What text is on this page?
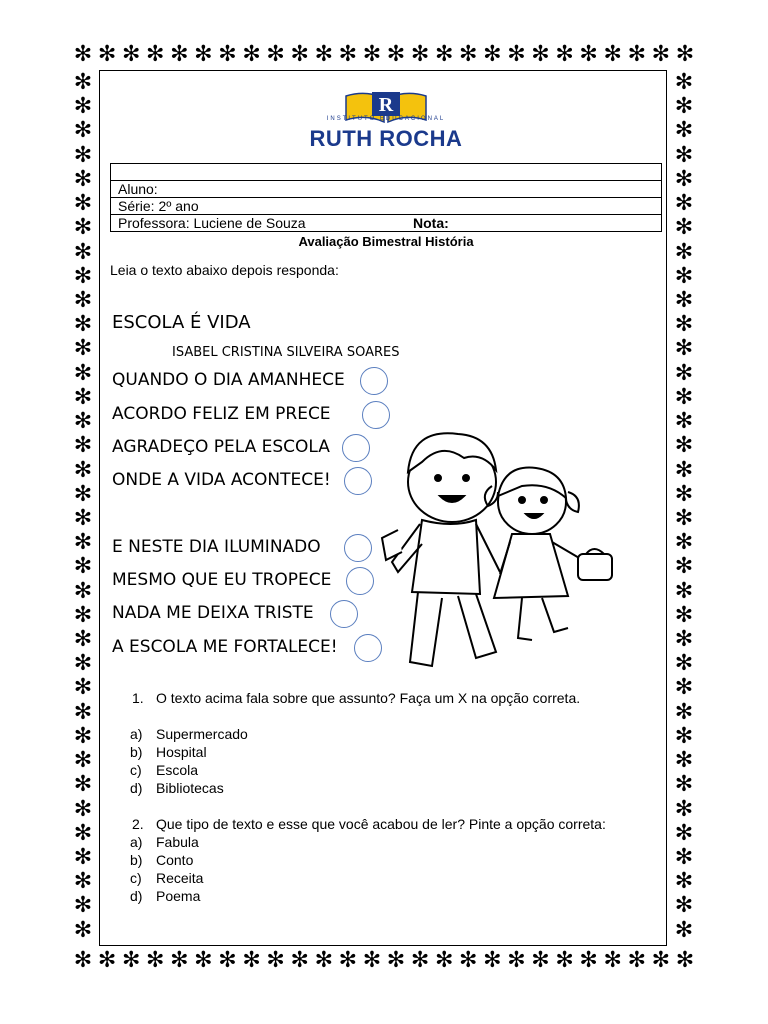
✻ ✻ ✻ ✻ ✻ ✻ ✻ ✻ ✻ ✻ ✻ ✻ ✻ ✻ ✻ ✻ ✻ ✻ ✻ ✻ ✻ ✻ ✻ ✻ ✻ ✻
✻ ✻ ✻ ✻ ✻ ✻ ✻ ✻ ✻ ✻ ✻ ✻ ✻ ✻ ✻ ✻ ✻ ✻ ✻ ✻ ✻ ✻ ✻ ✻ ✻ ✻
✻
✻
✻
✻
✻
✻
✻
✻
✻
✻
✻
✻
✻
✻
✻
✻
✻
✻
✻
✻
✻
✻
✻
✻
✻
✻
✻
✻
✻
✻
✻
✻
✻
✻
✻
✻
✻
✻
✻
✻
✻
✻
✻
✻
✻
✻
✻
✻
✻
✻
✻
✻
✻
✻
✻
✻
✻
✻
✻
✻
✻
✻
✻
✻
✻
✻
✻
✻
✻
✻
✻
✻
R
INSTITUTO EDUCACIONAL
RUTH ROCHA

Aluno:
Série: 2º ano
Professora: Luciene de Souza	Nota:
Avaliação Bimestral História
Leia o texto abaixo depois responda:
ESCOLA É VIDA
ISABEL CRISTINA SILVEIRA SOARES
QUANDO O DIA AMANHECE
ACORDO FELIZ EM PRECE
AGRADEÇO PELA ESCOLA
ONDE A VIDA ACONTECE!
E NESTE DIA ILUMINADO
MESMO QUE EU TROPECE
NADA ME DEIXA TRISTE
A ESCOLA ME FORTALECE!
1. O texto acima fala sobre que assunto? Faça um X na opção correta.
a) Supermercado
b) Hospital
c)	Escola
d) Bibliotecas
2. Que tipo de texto e esse que você acabou de ler? Pinte a opção correta:
a) Fabula
b) Conto
c)	Receita
d) Poema
